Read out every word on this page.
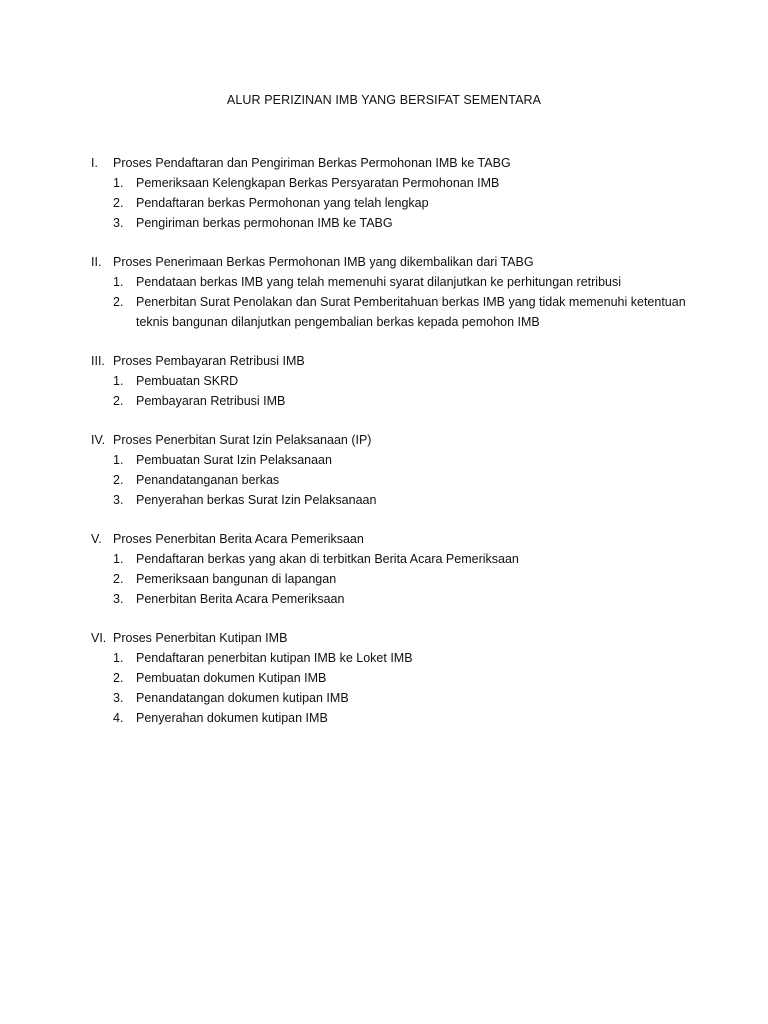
ALUR PERIZINAN IMB YANG BERSIFAT SEMENTARA
I.	Proses Pendaftaran dan Pengiriman Berkas Permohonan IMB ke TABG
1.	Pemeriksaan Kelengkapan Berkas Persyaratan Permohonan IMB
2.	Pendaftaran berkas Permohonan yang telah lengkap
3.	Pengiriman berkas permohonan IMB ke TABG
II. Proses Penerimaan Berkas Permohonan IMB yang dikembalikan dari TABG
1.	Pendataan berkas IMB yang telah memenuhi syarat dilanjutkan ke perhitungan retribusi
2.	Penerbitan Surat Penolakan dan Surat Pemberitahuan berkas IMB yang tidak memenuhi ketentuan teknis bangunan dilanjutkan pengembalian berkas kepada pemohon IMB
III. Proses Pembayaran Retribusi IMB
1.	Pembuatan SKRD
2.	Pembayaran Retribusi IMB
IV. Proses Penerbitan Surat Izin Pelaksanaan (IP)
1.	Pembuatan Surat Izin Pelaksanaan
2.	Penandatanganan berkas
3.	Penyerahan berkas Surat Izin Pelaksanaan
V. Proses Penerbitan Berita Acara Pemeriksaan
1.	Pendaftaran berkas yang akan di terbitkan Berita Acara Pemeriksaan
2.	Pemeriksaan bangunan di lapangan
3.	Penerbitan Berita Acara Pemeriksaan
VI. Proses Penerbitan Kutipan IMB
1.	Pendaftaran penerbitan kutipan IMB ke Loket IMB
2.	Pembuatan dokumen Kutipan IMB
3.	Penandatangan dokumen kutipan IMB
4.	Penyerahan dokumen kutipan IMB
